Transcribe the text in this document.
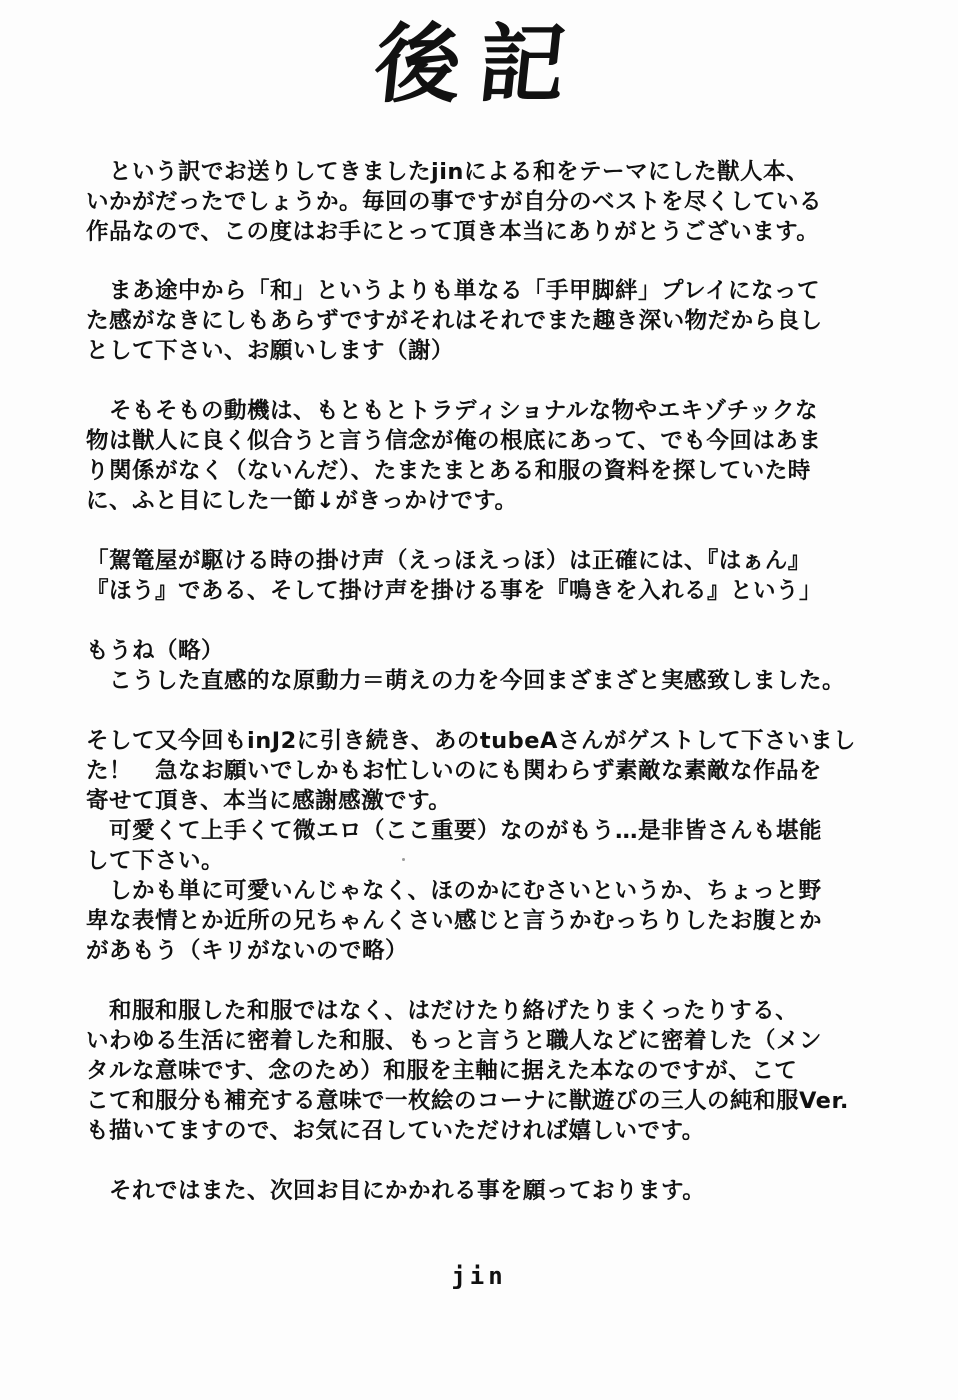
後記
　という訳でお送りしてきましたjinによる和をテーマにした獣人本、
いかがだったでしょうか。毎回の事ですが自分のベストを尽くしている
作品なので、この度はお手にとって頂き本当にありがとうございます。
　まあ途中から「和」というよりも単なる「手甲脚絆」プレイになって
た感がなきにしもあらずですがそれはそれでまた趣き深い物だから良し
として下さい、お願いします（謝）
　そもそもの動機は、もともとトラディショナルな物やエキゾチックな
物は獣人に良く似合うと言う信念が俺の根底にあって、でも今回はあま
り関係がなく（ないんだ）、たまたまとある和服の資料を探していた時
に、ふと目にした一節↓がきっかけです。
「駕篭屋が駆ける時の掛け声（えっほえっほ）は正確には、『はぁん』
『ほう』である、そして掛け声を掛ける事を『鳴きを入れる』という」
もうね（略）
　こうした直感的な原動力＝萌えの力を今回まざまざと実感致しました。
そして又今回もinJ2に引き続き、あのtubeAさんがゲストして下さいまし
た！　急なお願いでしかもお忙しいのにも関わらず素敵な素敵な作品を
寄せて頂き、本当に感謝感激です。
　可愛くて上手くて微エロ（ここ重要）なのがもう…是非皆さんも堪能
して下さい。
　しかも単に可愛いんじゃなく、ほのかにむさいというか、ちょっと野
卑な表情とか近所の兄ちゃんくさい感じと言うかむっちりしたお腹とか
があもう（キリがないので略）
　和服和服した和服ではなく、はだけたり絡げたりまくったりする、
いわゆる生活に密着した和服、もっと言うと職人などに密着した（メン
タルな意味です、念のため）和服を主軸に据えた本なのですが、こて
こて和服分も補充する意味で一枚絵のコーナに獣遊びの三人の純和服Ver.
も描いてますので、お気に召していただければ嬉しいです。
　それではまた、次回お目にかかれる事を願っております。
jin
